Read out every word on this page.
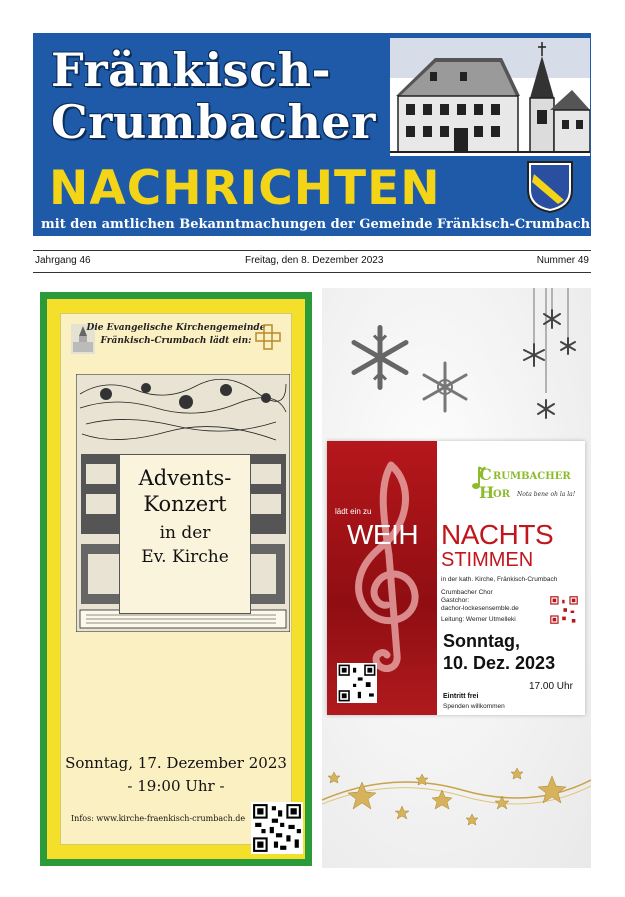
Fränkisch-
Crumbacher
NACHRICHTEN
mit den amtlichen Bekanntmachungen der Gemeinde Fränkisch-Crumbach
Jahrgang 46	Freitag, den 8. Dezember 2023	Nummer 49
Die Evangelische Kirchengemeinde
Fränkisch-Crumbach lädt ein:
Advents-
Konzert
in der
Ev. Kirche
Sonntag, 17. Dezember 2023
- 19:00 Uhr -
Infos: www.kirche-fraenkisch-crumbach.de
lädt ein zu
WEIH
C RUMBACHER
H
OR Nota bene oh la la!
NACHTS
STIMMEN
in der kath. Kirche, Fränkisch-Crumbach
Crumbacher Chor
Gastchor:
dachor-lockesensemble.de
Leitung: Werner Utmelleki
Sonntag,
10. Dez. 2023
17.00 Uhr
Eintritt frei
Spenden willkommen
